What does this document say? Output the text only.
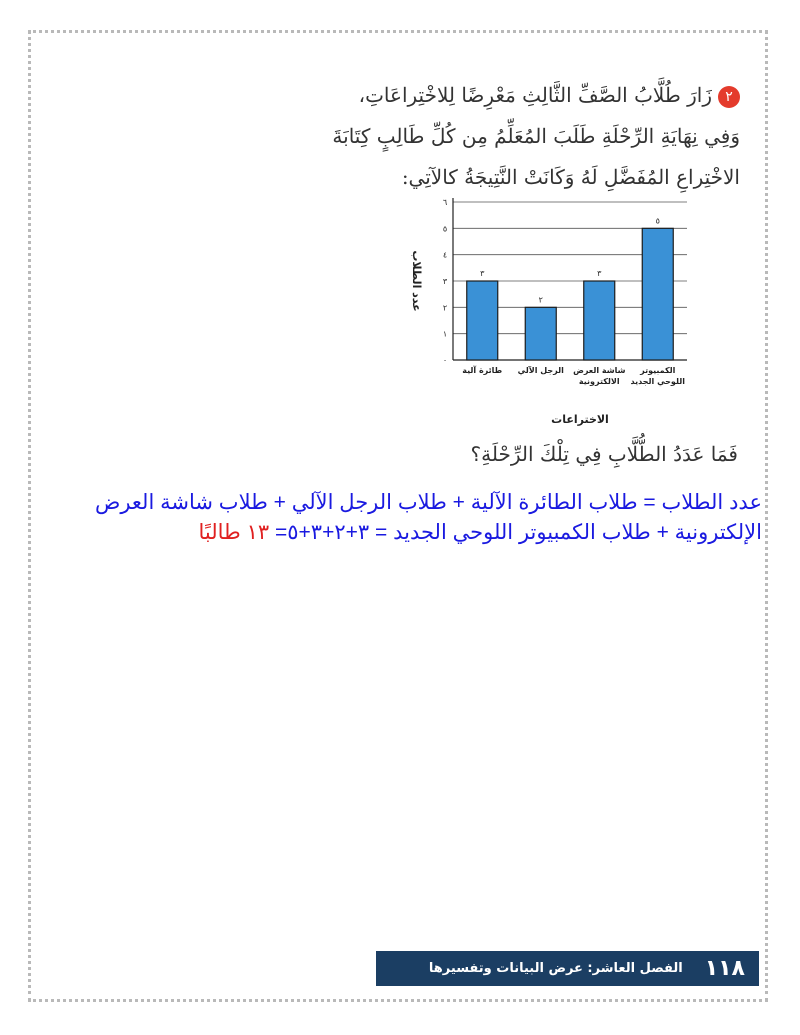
٢زَارَ طُلَّابُ الصَّفِّ الثَّالِثِ مَعْرِضًا لِلاخْتِراعَاتِ،
وَفِي نِهَايَةِ الرِّحْلَةِ طَلَبَ المُعَلِّمُ مِن كُلِّ طَالِبٍ كِتَابَةَ
الاخْتِراعِ المُفَضَّلِ لَهُ وَكَانَتْ النَّتِيجَةُ كالآتِي:
٠
١
٢
٣
٤
٥
٦
٣
طائرة آلية
٢
الرجل الآلي
٣
شاشة العرض
الالكترونية
٥
الكمبيوتر
اللوحي الجديد
عدد الطلاب
الاختراعات
فَمَا عَدَدُ الطُّلَّابِ فِي تِلْكَ الرِّحْلَةِ؟
عدد الطلاب = طلاب الطائرة الآلية + طلاب الرجل الآلي + طلاب شاشة العرض
الإلكترونية + طلاب الكمبيوتر اللوحي الجديد = ٣+٢+٣+٥= ١٣ طالبًا
١١٨
الفصل العاشر: عرض البيانات وتفسيرها
